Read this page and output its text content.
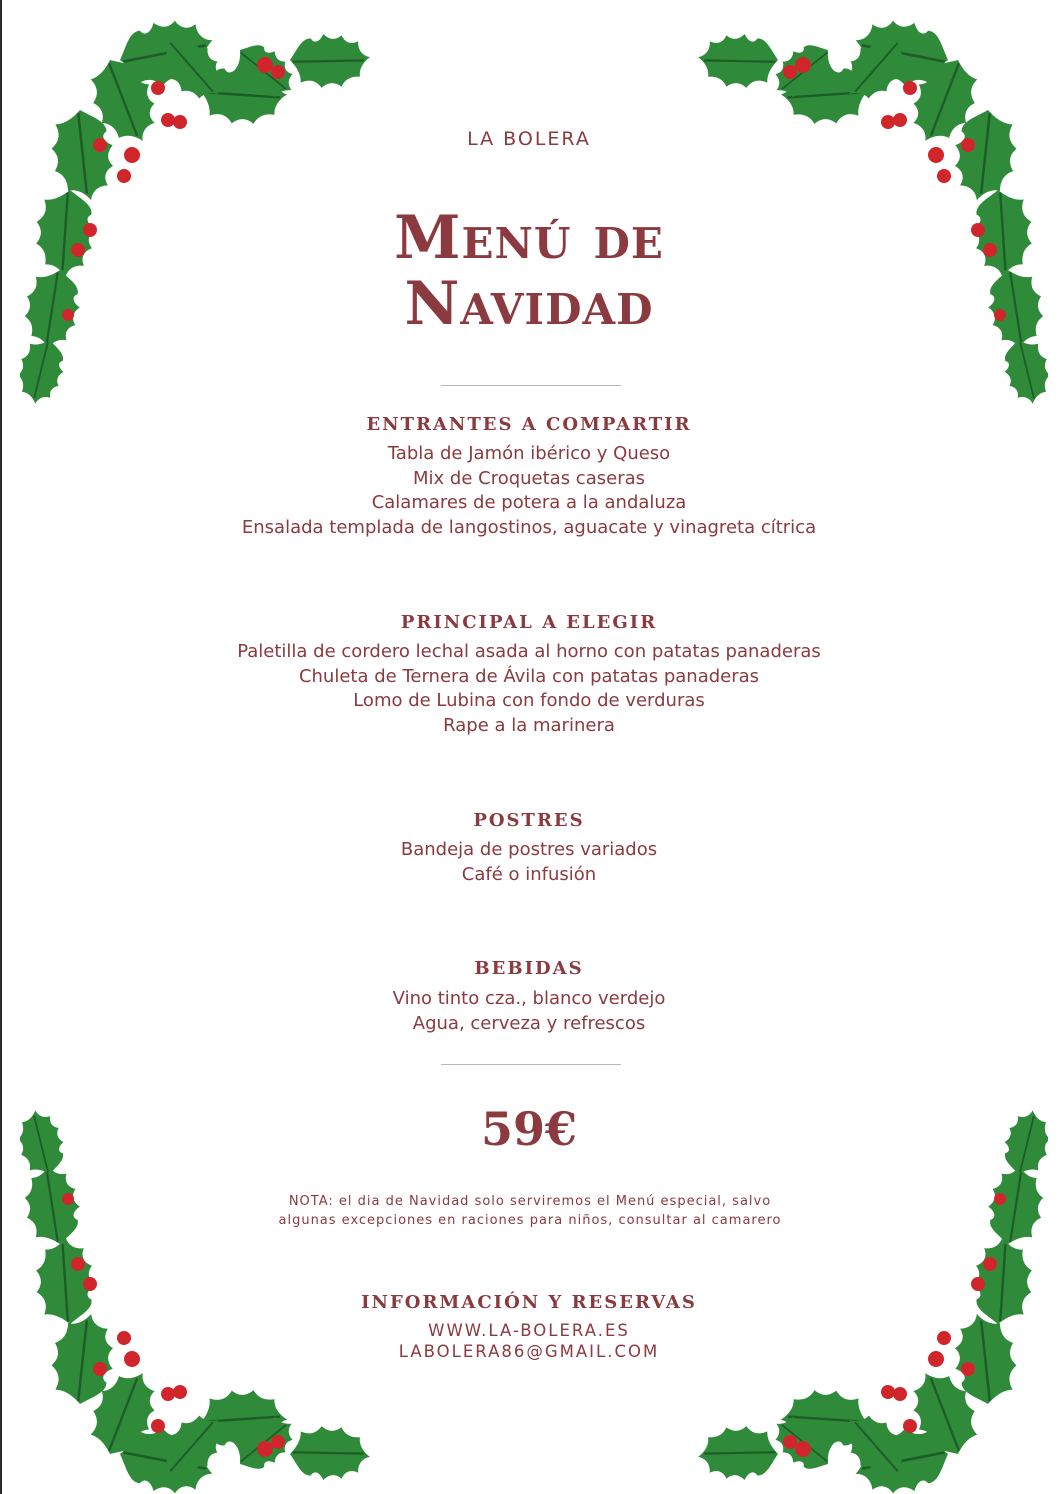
LA BOLERA
Menú de
Navidad
ENTRANTES A COMPARTIR
Tabla de Jamón ibérico y Queso
Mix de Croquetas caseras
Calamares de potera a la andaluza
Ensalada templada de langostinos, aguacate y vinagreta cítrica
PRINCIPAL A ELEGIR
Paletilla de cordero lechal asada al horno con patatas panaderas
Chuleta de Ternera de Ávila con patatas panaderas
Lomo de Lubina con fondo de verduras
Rape a la marinera
POSTRES
Bandeja de postres variados
Café o infusión
BEBIDAS
Vino tinto cza., blanco verdejo
Agua, cerveza y refrescos
59€
NOTA: el dia de Navidad solo serviremos el Menú especial, salvo algunas excepciones en raciones para niños, consultar al camarero
INFORMACIÓN Y RESERVAS
WWW.LA-BOLERA.ES
LABOLERA86@GMAIL.COM
